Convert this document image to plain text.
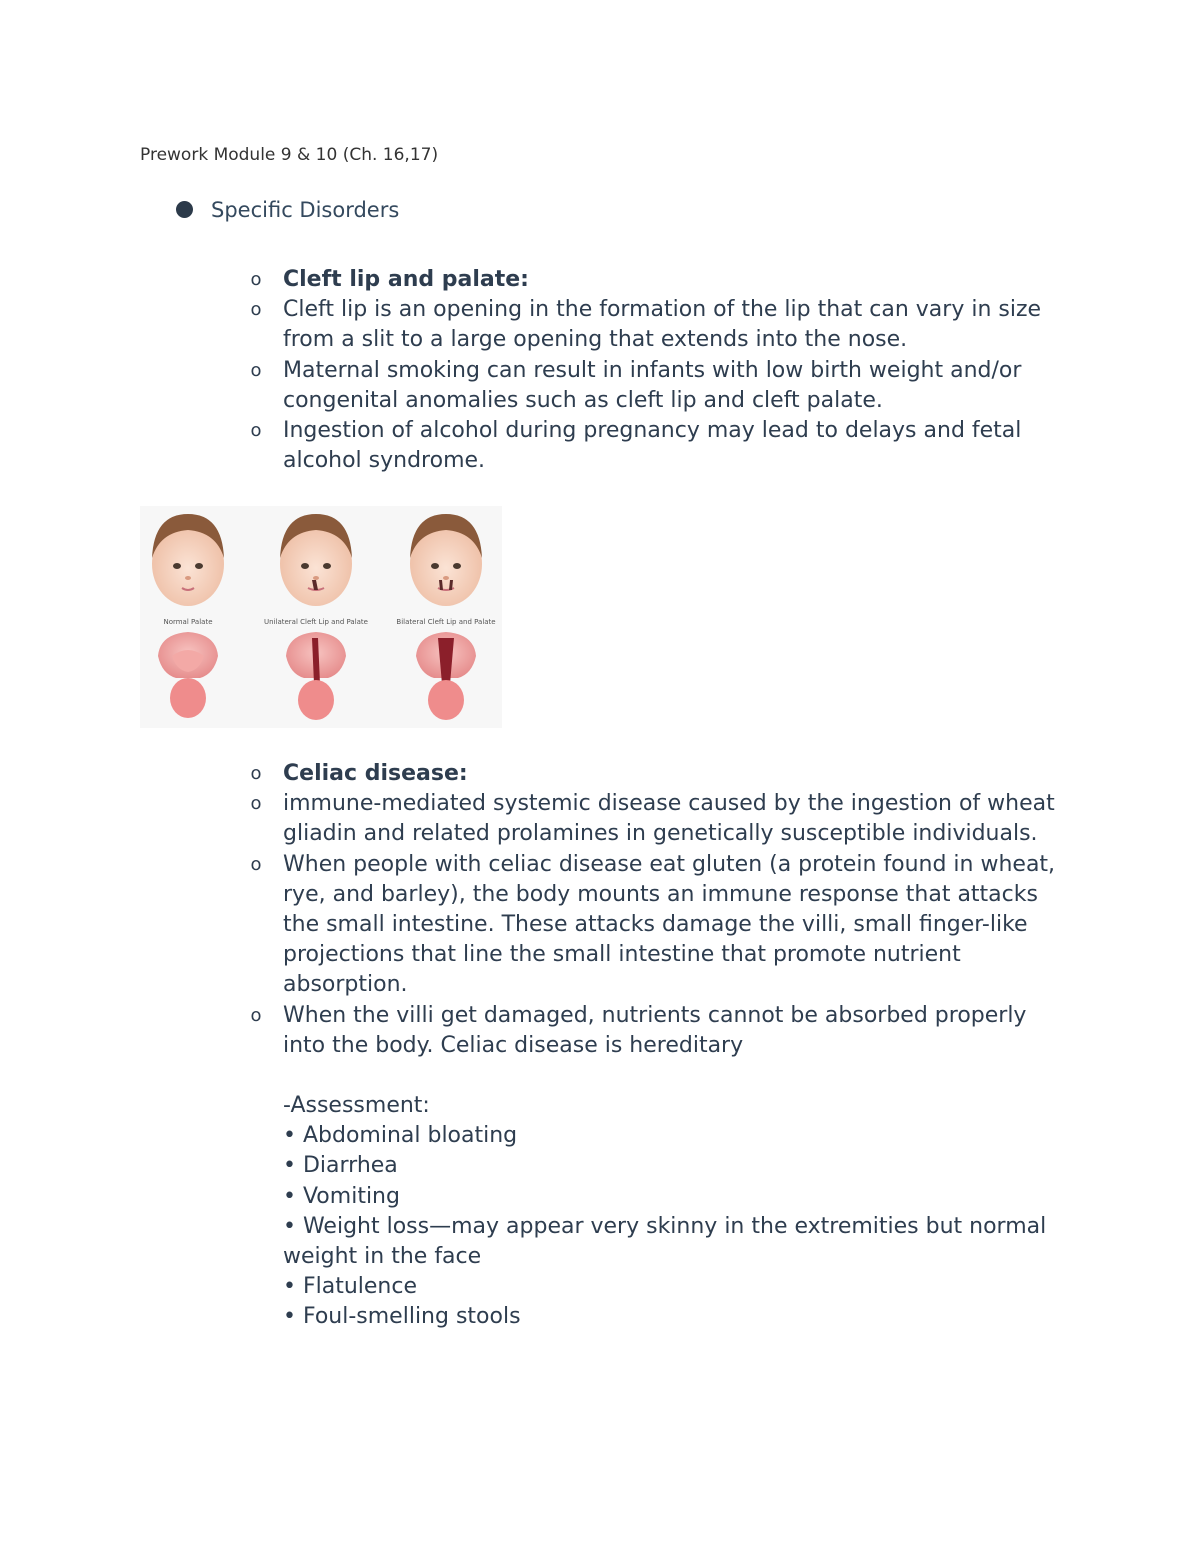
Prework Module 9 & 10 (Ch. 16,17)
Specific Disorders
o Cleft lip and palate:
o Cleft lip is an opening in the formation of the lip that can vary in size from a slit to a large opening that extends into the nose.
o Maternal smoking can result in infants with low birth weight and/or congenital anomalies such as cleft lip and cleft palate.
o Ingestion of alcohol during pregnancy may lead to delays and fetal alcohol syndrome.
Normal Palate	Unilateral Cleft Lip and Palate	Bilateral Cleft Lip and Palate
o Celiac disease:
o immune-mediated systemic disease caused by the ingestion of wheat gliadin and related prolamines in genetically susceptible individuals.
o When people with celiac disease eat gluten (a protein found in wheat, rye, and barley), the body mounts an immune response that attacks the small intestine. These attacks damage the villi, small finger-like projections that line the small intestine that promote nutrient absorption.
o When the villi get damaged, nutrients cannot be absorbed properly into the body. Celiac disease is hereditary
-Assessment:
• Abdominal bloating
• Diarrhea
• Vomiting
• Weight loss—may appear very skinny in the extremities but normal weight in the face
• Flatulence
• Foul-smelling stools
